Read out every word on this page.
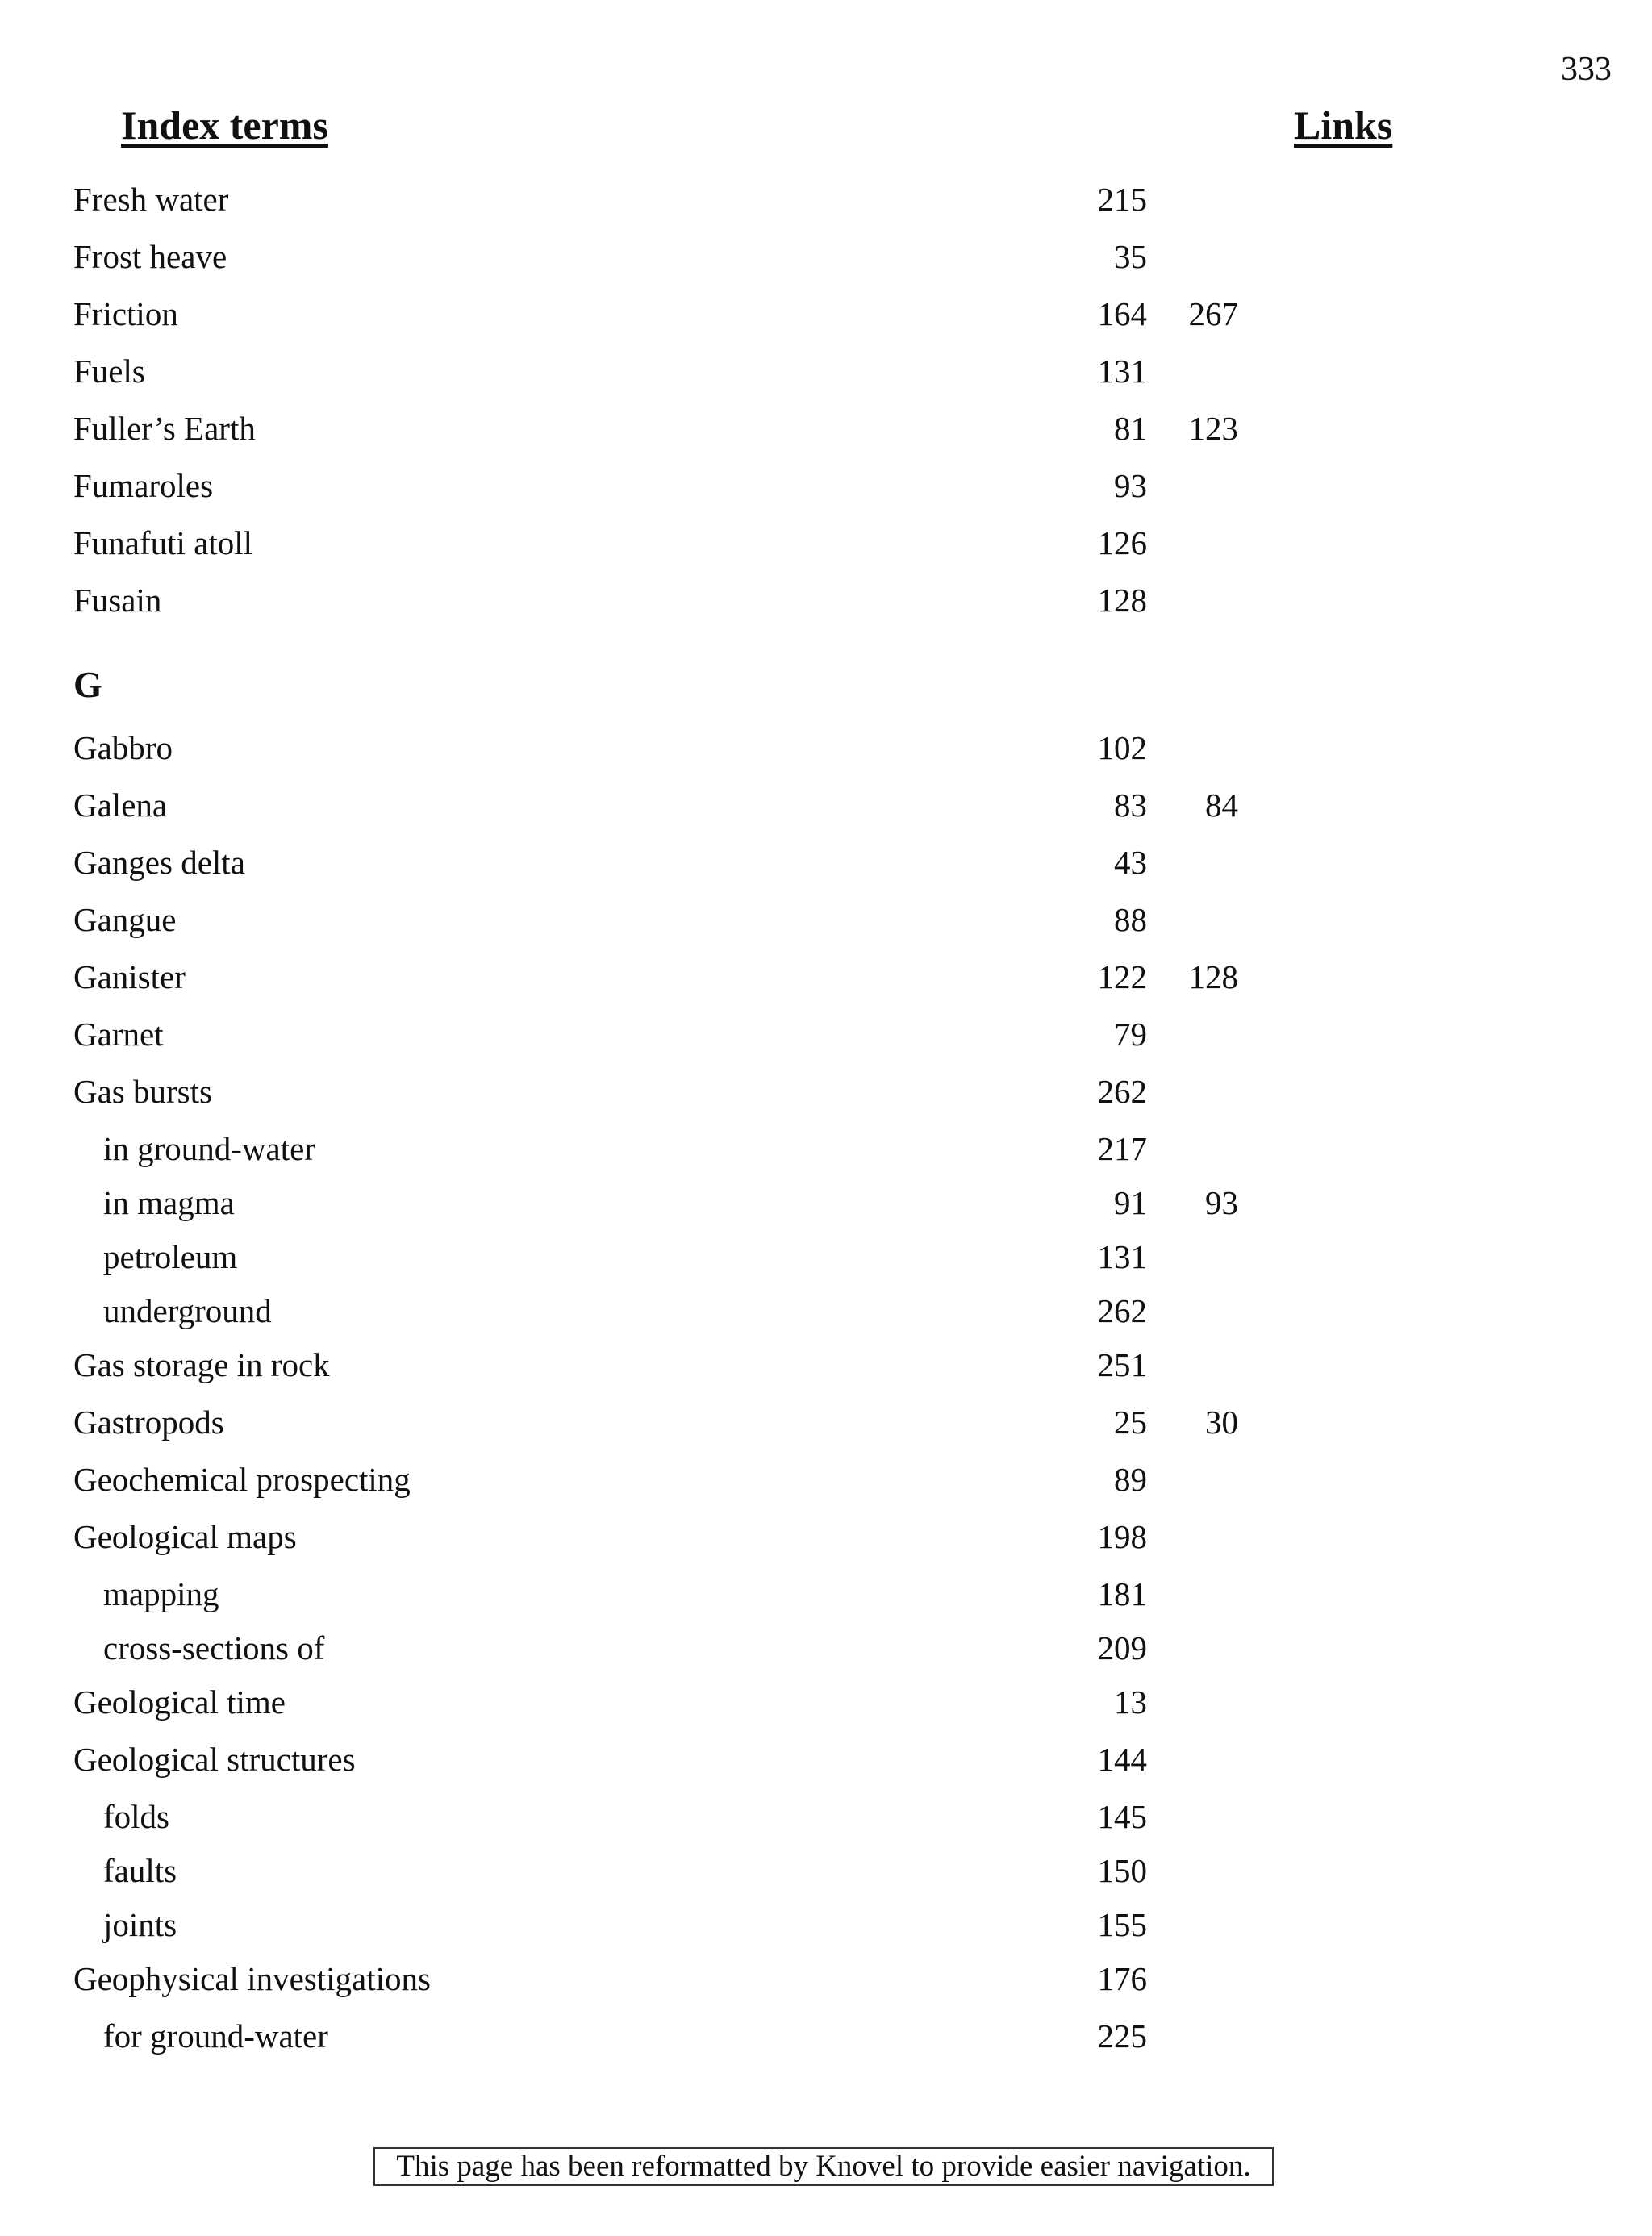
333
Index terms	Links
Fresh water	215
Frost heave	35
Friction	164 267
Fuels	131
Fuller’s Earth	81 123
Fumaroles	93
Funafuti atoll	126
Fusain	128
G
Gabbro	102
Galena	83 84
Ganges delta	43
Gangue	88
Ganister	122 128
Garnet	79
Gas bursts	262
in ground-water	217
in magma	91 93
petroleum	131
underground	262
Gas storage in rock	251
Gastropods	25 30
Geochemical prospecting	89
Geological maps	198
mapping	181
cross-sections of	209
Geological time	13
Geological structures	144
folds	145
faults	150
joints	155
Geophysical investigations	176
for ground-water	225
This page has been reformatted by Knovel to provide easier navigation.
